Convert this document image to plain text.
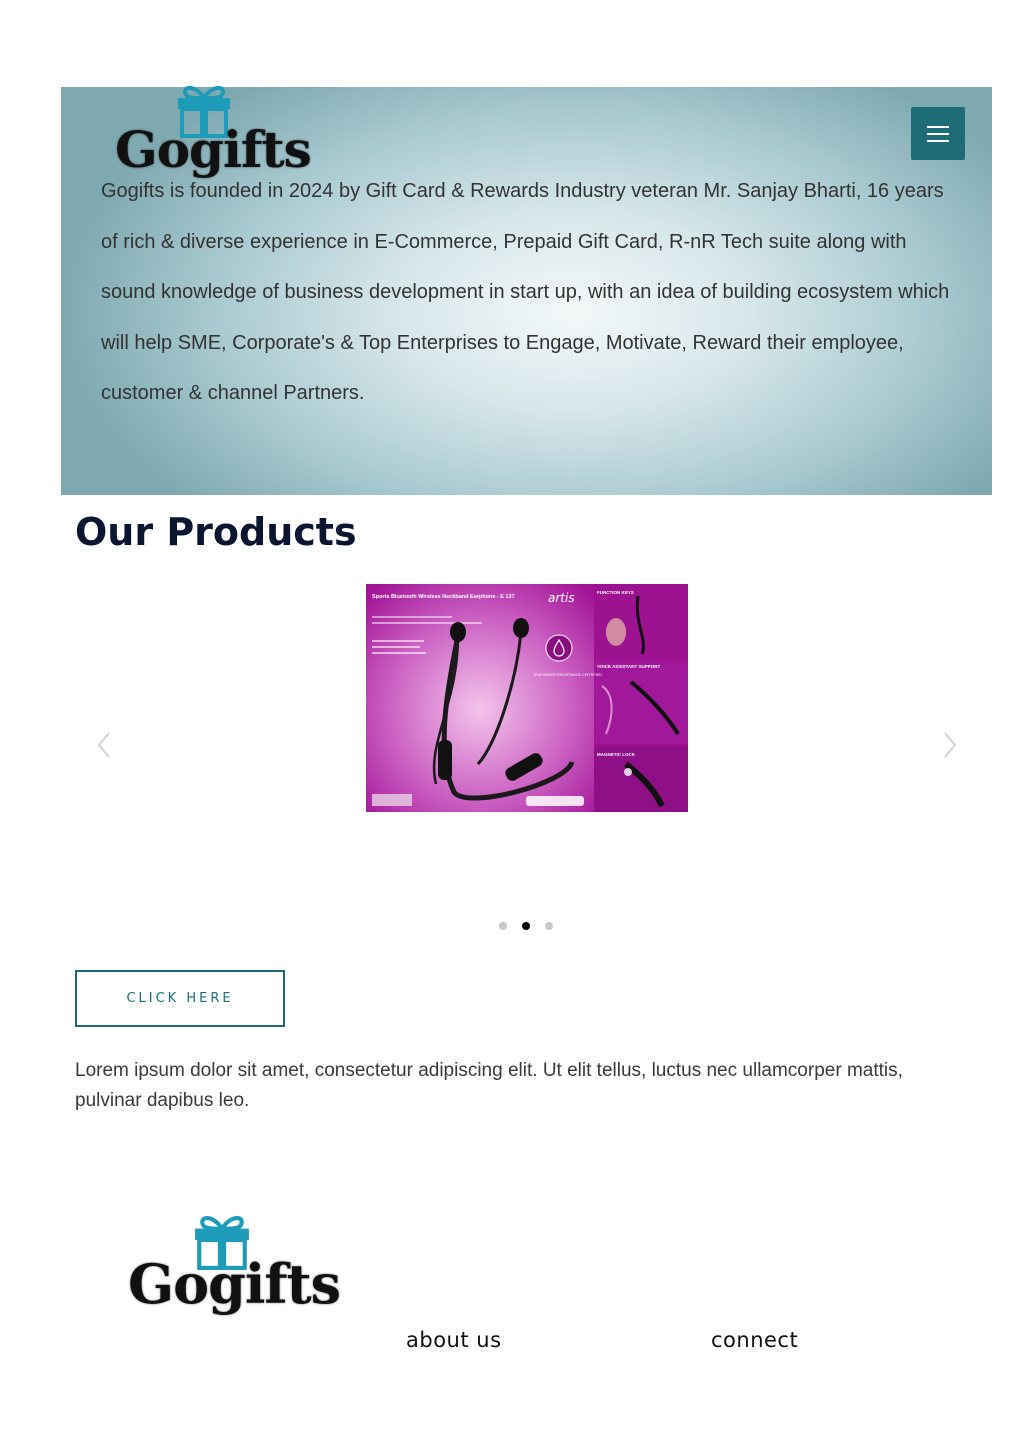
Gogifts

Gogifts is founded in 2024 by Gift Card & Rewards Industry veteran Mr. Sanjay Bharti, 16 years of rich & diverse experience in E-Commerce, Prepaid Gift Card, R-nR Tech suite along with sound knowledge of business development in start up, with an idea of building ecosystem which will help SME, Corporate's & Top Enterprises to Engage, Motivate, Reward their employee, customer & channel Partners.

Our Products
Sports Bluetooth Wireless Neckband Earphone - E 137	artis
IPx5 WATER RESISTANCE CERTIFIED
FUNCTION KEYS
VOICE ASSISTANT SUPPORT
MAGNETIC LOCK
CLICK HERE

Lorem ipsum dolor sit amet, consectetur adipiscing elit. Ut elit tellus, luctus nec ullamcorper mattis, pulvinar dapibus leo.

Gogifts
about us	connect
